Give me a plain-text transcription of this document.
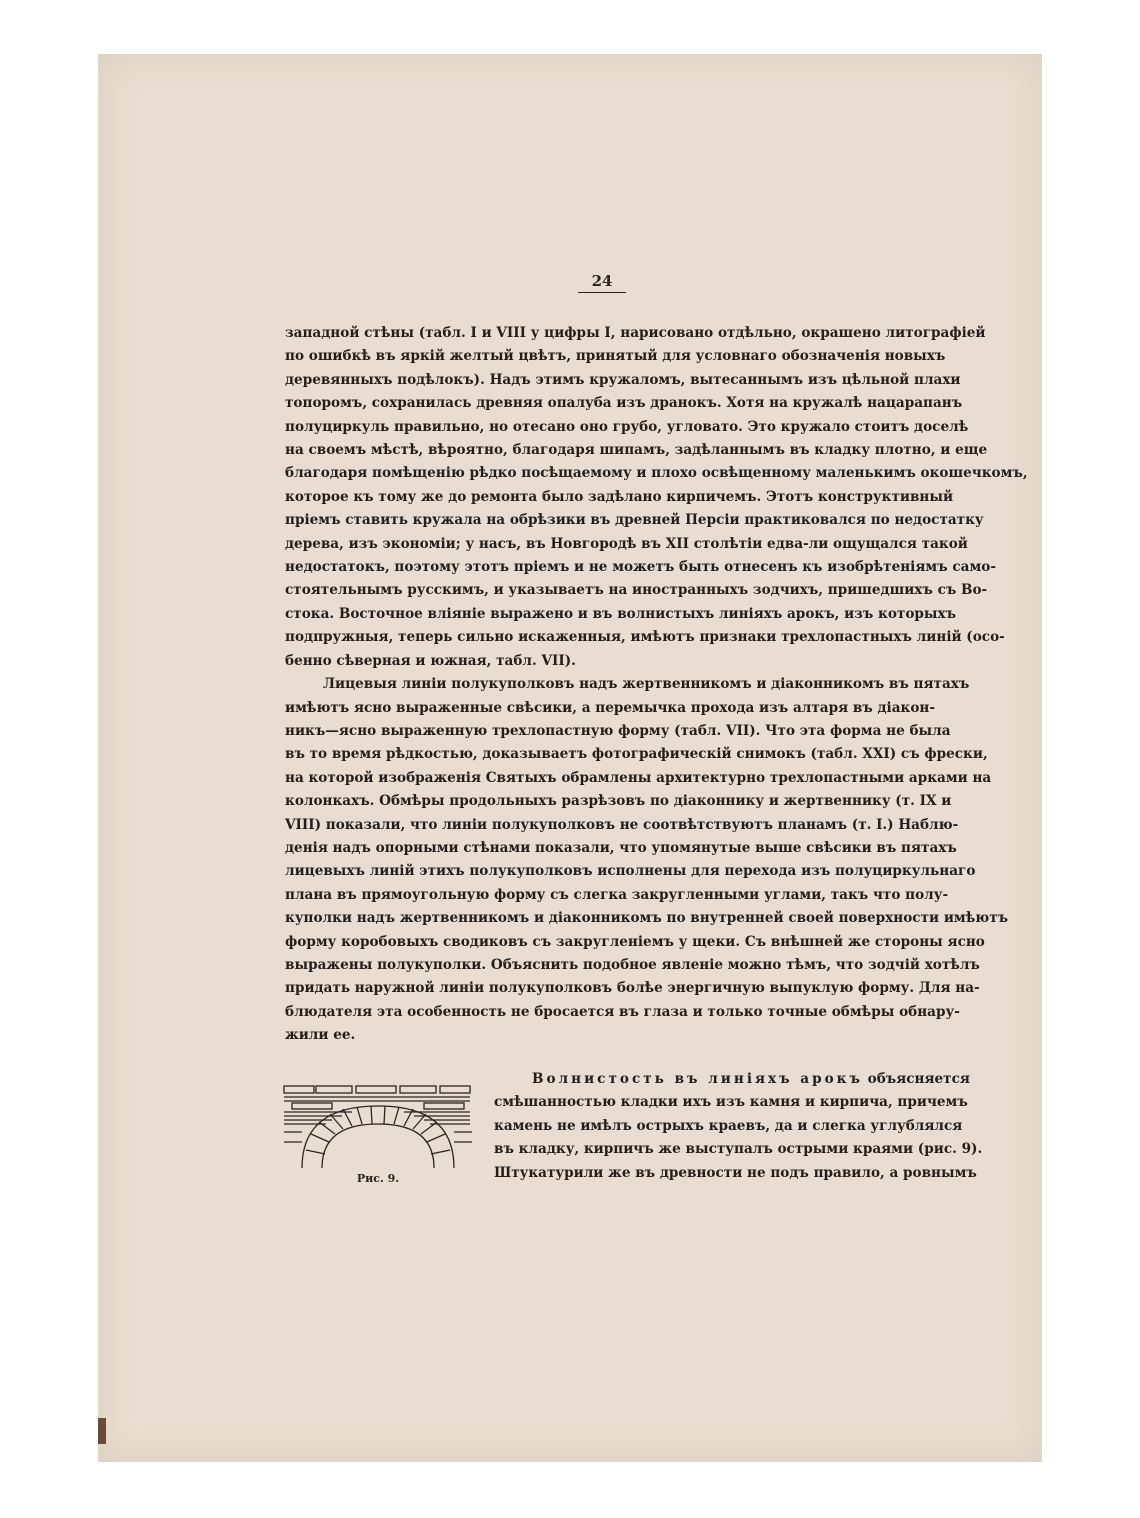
24
западной стѣны (табл. I и VIII у цифры I, нарисовано отдѣльно, окрашено литографіей
по ошибкѣ въ яркій желтый цвѣтъ, принятый для условнаго обозначенія новыхъ
деревянныхъ подѣлокъ). Надъ этимъ кружаломъ, вытесаннымъ изъ цѣльной плахи
топоромъ, сохранилась древняя опалуба изъ дранокъ. Хотя на кружалѣ нацарапанъ
полуциркуль правильно, но отесано оно грубо, угловато. Это кружало стоитъ доселѣ
на своемъ мѣстѣ, вѣроятно, благодаря шипамъ, задѣланнымъ въ кладку плотно, и еще
благодаря помѣщенію рѣдко посѣщаемому и плохо освѣщенному маленькимъ окошечкомъ,
которое къ тому же до ремонта было задѣлано кирпичемъ. Этотъ конструктивный
пріемъ ставить кружала на обрѣзики въ древней Персіи практиковался по недостатку
дерева, изъ экономіи; у насъ, въ Новгородѣ въ XII столѣтіи едва-ли ощущался такой
недостатокъ, поэтому этотъ пріемъ и не можетъ быть отнесенъ къ изобрѣтеніямъ само-
стоятельнымъ русскимъ, и указываетъ на иностранныхъ зодчихъ, пришедшихъ съ Во-
стока. Восточное вліяніе выражено и въ волнистыхъ линіяхъ арокъ, изъ которыхъ
подпружныя, теперь сильно искаженныя, имѣютъ признаки трехлопастныхъ линій (осо-
бенно сѣверная и южная, табл. VII).
Лицевыя линіи полукуполковъ надъ жертвенникомъ и діаконникомъ въ пятахъ
имѣютъ ясно выраженные свѣсики, а перемычка прохода изъ алтаря въ діакон-
никъ—ясно выраженную трехлопастную форму (табл. VII). Что эта форма не была
въ то время рѣдкостью, доказываетъ фотографическій снимокъ (табл. XXI) съ фрески,
на которой изображенія Святыхъ обрамлены архитектурно трехлопастными арками на
колонкахъ. Обмѣры продольныхъ разрѣзовъ по діаконнику и жертвеннику (т. IX и
VIII) показали, что линіи полукуполковъ не соотвѣтствуютъ планамъ (т. I.) Наблю-
денія надъ опорными стѣнами показали, что упомянутые выше свѣсики въ пятахъ
лицевыхъ линій этихъ полукуполковъ исполнены для перехода изъ полуциркульнаго
плана въ прямоугольную форму съ слегка закругленными углами, такъ что полу-
куполки надъ жертвенникомъ и діаконникомъ по внутренней своей поверхности имѣютъ
форму коробовыхъ сводиковъ съ закругленіемъ у щеки. Съ внѣшней же стороны ясно
выражены полукуполки. Объяснить подобное явленіе можно тѣмъ, что зодчій хотѣлъ
придать наружной линіи полукуполковъ болѣе энергичную выпуклую форму. Для на-
блюдателя эта особенность не бросается въ глаза и только точные обмѣры обнару-
жили ее.
Рис. 9.
Волнистость въ линіяхъ арокъ объясняется
смѣшанностью кладки ихъ изъ камня и кирпича, причемъ
камень не имѣлъ острыхъ краевъ, да и слегка углублялся
въ кладку, кирпичъ же выступалъ острыми краями (рис. 9).
Штукатурили же въ древности не подъ правило, а ровнымъ
